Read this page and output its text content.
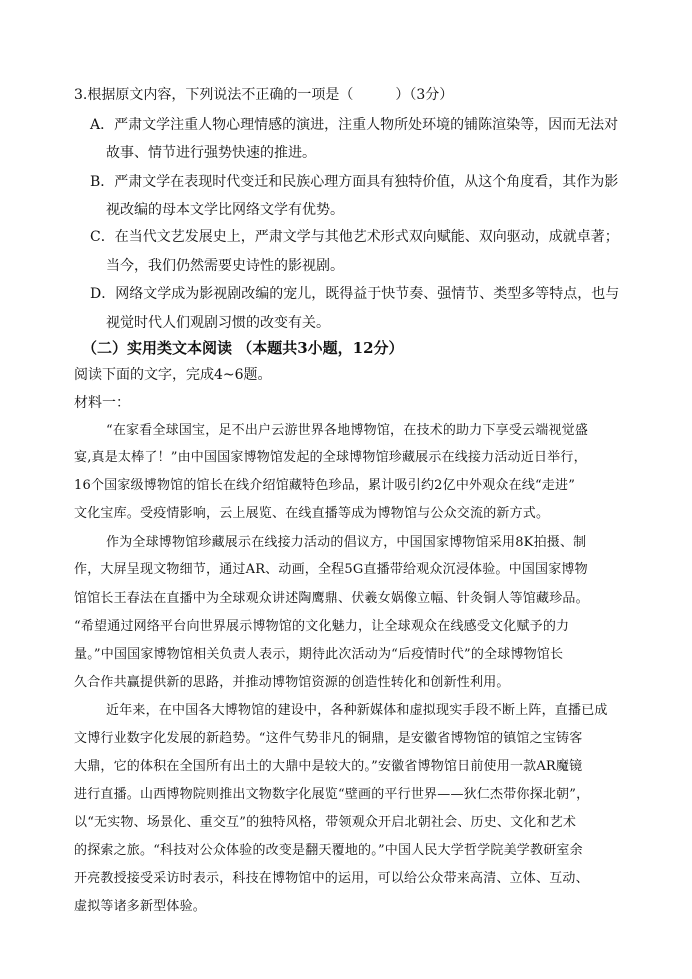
3.根据原文内容，下列说法不正确的一项是（　　　）（3分）
A．严肃文学注重人物心理情感的演进，注重人物所处环境的铺陈渲染等，因而无法对
故事、情节进行强势快速的推进。
B．严肃文学在表现时代变迁和民族心理方面具有独特价值，从这个角度看，其作为影
视改编的母本文学比网络文学有优势。
C．在当代文艺发展史上，严肃文学与其他艺术形式双向赋能、双向驱动，成就卓著；
当今，我们仍然需要史诗性的影视剧。
D．网络文学成为影视剧改编的宠儿，既得益于快节奏、强情节、类型多等特点，也与
视觉时代人们观剧习惯的改变有关。
（二）实用类文本阅读 （本题共3小题，12分）
阅读下面的文字，完成4~6题。
材料一：
“在家看全球国宝，足不出户云游世界各地博物馆，在技术的助力下享受云端视觉盛
宴,真是太棒了！”由中国国家博物馆发起的全球博物馆珍藏展示在线接力活动近日举行，
16个国家级博物馆的馆长在线介绍馆藏特色珍品，累计吸引约2亿中外观众在线“走进”
文化宝库。受疫情影响，云上展览、在线直播等成为博物馆与公众交流的新方式。
作为全球博物馆珍藏展示在线接力活动的倡议方，中国国家博物馆采用8K拍摄、制
作，大屏呈现文物细节，通过AR、动画，全程5G直播带给观众沉浸体验。中国国家博物
馆馆长王春法在直播中为全球观众讲述陶鹰鼎、伏羲女娲像立幅、针灸铜人等馆藏珍品。
“希望通过网络平台向世界展示博物馆的文化魅力，让全球观众在线感受文化赋予的力
量。”中国国家博物馆相关负责人表示，期待此次活动为“后疫情时代”的全球博物馆长
久合作共赢提供新的思路，并推动博物馆资源的创造性转化和创新性利用。
近年来，在中国各大博物馆的建设中，各种新媒体和虚拟现实手段不断上阵，直播已成
文博行业数字化发展的新趋势。“这件气势非凡的铜鼎，是安徽省博物馆的镇馆之宝铸客
大鼎，它的体积在全国所有出土的大鼎中是较大的。”安徽省博物馆日前使用一款AR魔镜
进行直播。山西博物院则推出文物数字化展览“壁画的平行世界——狄仁杰带你探北朝”，
以“无实物、场景化、重交互”的独特风格，带领观众开启北朝社会、历史、文化和艺术
的探索之旅。“科技对公众体验的改变是翻天覆地的。”中国人民大学哲学院美学教研室余
开亮教授接受采访时表示，科技在博物馆中的运用，可以给公众带来高清、立体、互动、
虚拟等诸多新型体验。
